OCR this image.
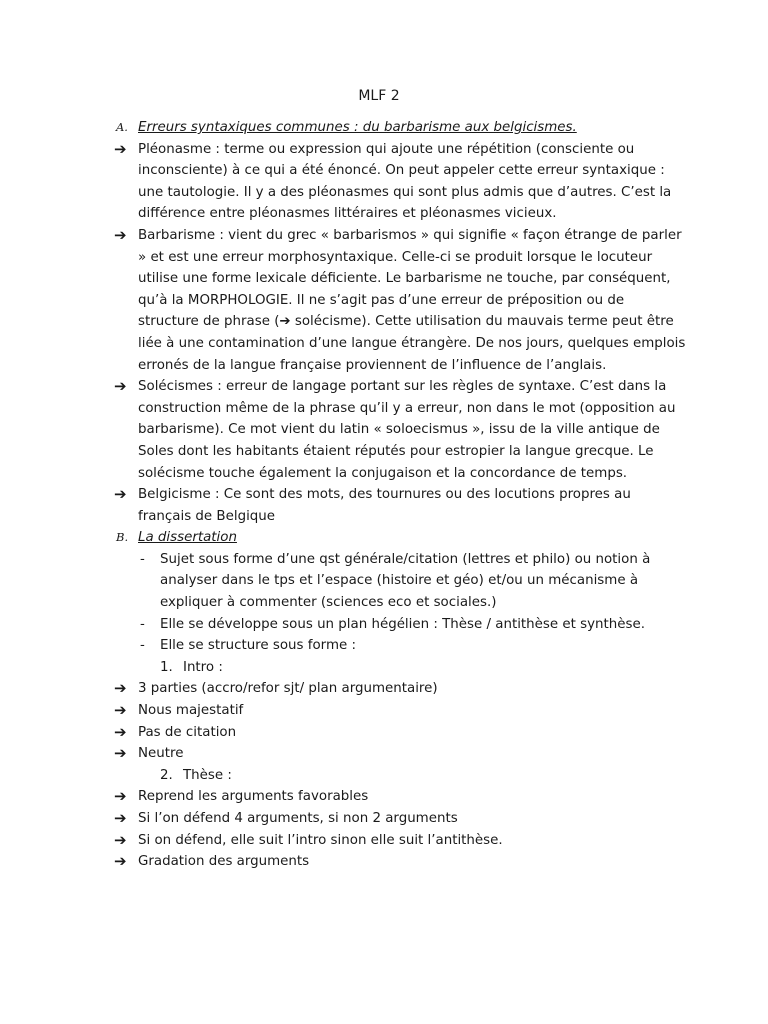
MLF 2
A. Erreurs syntaxiques communes : du barbarisme aux belgicismes.
➔ Pléonasme : terme ou expression qui ajoute une répétition (consciente ou inconsciente) à ce qui a été énoncé. On peut appeler cette erreur syntaxique : une tautologie. Il y a des pléonasmes qui sont plus admis que d’autres. C’est la différence entre pléonasmes littéraires et pléonasmes vicieux.
➔ Barbarisme : vient du grec « barbarismos » qui signifie « façon étrange de parler » et est une erreur morphosyntaxique. Celle-ci se produit lorsque le locuteur utilise une forme lexicale déficiente. Le barbarisme ne touche, par conséquent, qu’à la MORPHOLOGIE. Il ne s’agit pas d’une erreur de préposition ou de structure de phrase (➔ solécisme). Cette utilisation du mauvais terme peut être liée à une contamination d’une langue étrangère. De nos jours, quelques emplois erronés de la langue française proviennent de l’influence de l’anglais.
➔ Solécismes : erreur de langage portant sur les règles de syntaxe. C’est dans la construction même de la phrase qu’il y a erreur, non dans le mot (opposition au barbarisme). Ce mot vient du latin « soloecismus », issu de la ville antique de Soles dont les habitants étaient réputés pour estropier la langue grecque. Le solécisme touche également la conjugaison et la concordance de temps.
➔ Belgicisme : Ce sont des mots, des tournures ou des locutions propres au français de Belgique
B. La dissertation
- Sujet sous forme d’une qst générale/citation (lettres et philo) ou notion à analyser dans le tps et l’espace (histoire et géo) et/ou un mécanisme à expliquer à commenter (sciences eco et sociales.)
- Elle se développe sous un plan hégélien : Thèse / antithèse et synthèse.
- Elle se structure sous forme :
1. Intro :
➔ 3 parties (accro/refor sjt/ plan argumentaire)
➔ Nous majestatif
➔ Pas de citation
➔ Neutre
2. Thèse :
➔ Reprend les arguments favorables
➔ Si l’on défend 4 arguments, si non 2 arguments
➔ Si on défend, elle suit l’intro sinon elle suit l’antithèse.
➔ Gradation des arguments
